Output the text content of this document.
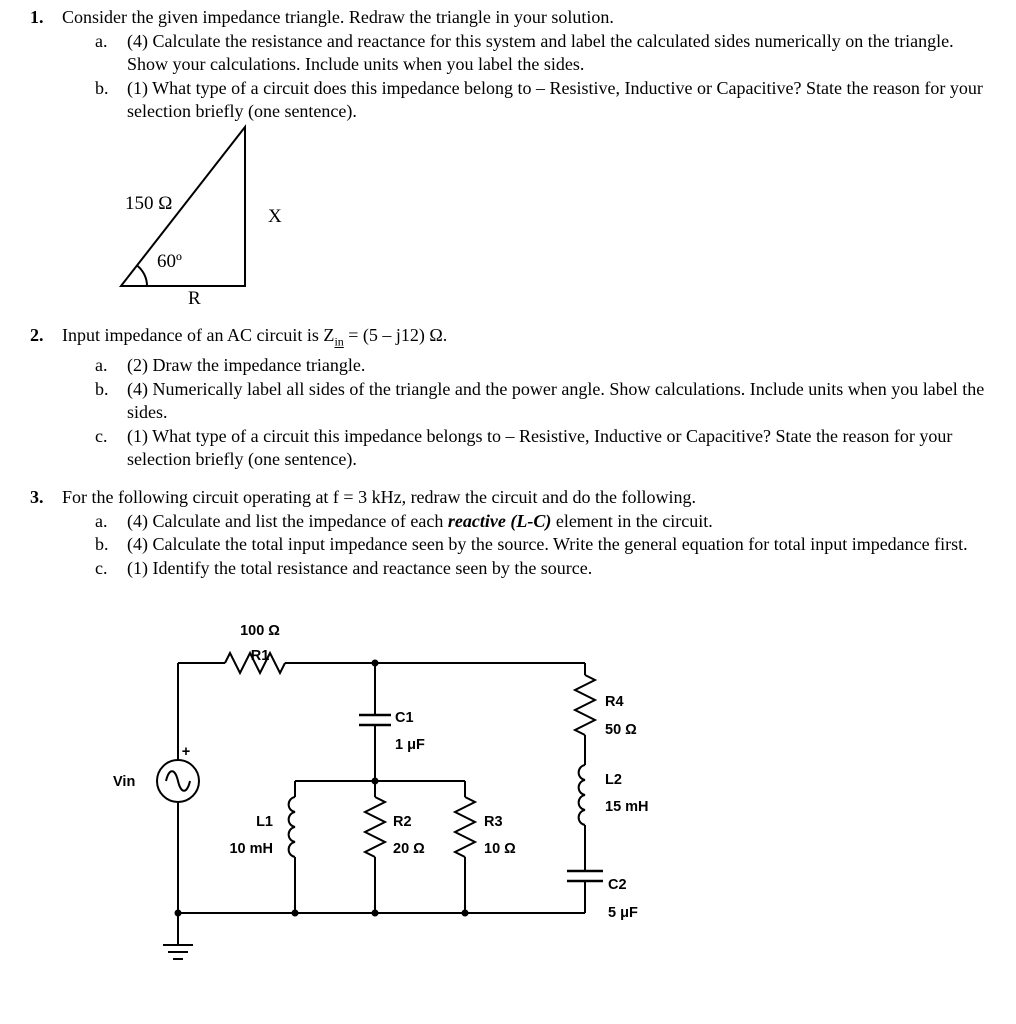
1.	Consider the given impedance triangle. Redraw the triangle in your solution.
a.	(4) Calculate the resistance and reactance for this system and label the calculated sides numerically on the triangle. Show your calculations. Include units when you label the sides.
b.	(1) What type of a circuit does this impedance belong to – Resistive, Inductive or Capacitive? State the reason for your selection briefly (one sentence).
150 Ω
X
60º
R
2.	Input impedance of an AC circuit is $Z_{in} = (5 - j12)$ Ω.
a.	(2) Draw the impedance triangle.
b.	(4) Numerically label all sides of the triangle and the power angle. Show calculations. Include units when you label the sides.
c.	(1) What type of a circuit this impedance belongs to – Resistive, Inductive or Capacitive? State the reason for your selection briefly (one sentence).
3.	For the following circuit operating at f = 3 kHz, redraw the circuit and do the following.
a.	(4) Calculate and list the impedance of each reactive (L-C) element in the circuit.
b.	(4) Calculate the total input impedance seen by the source. Write the general equation for total input impedance first.
c.	(1) Identify the total resistance and reactance seen by the source.
100 Ω
R1
Vin
+
C1
1 μF
L1
10 mH
R2
20 Ω
R3
10 Ω
R4
50 Ω
L2
15 mH
C2
5 μF
